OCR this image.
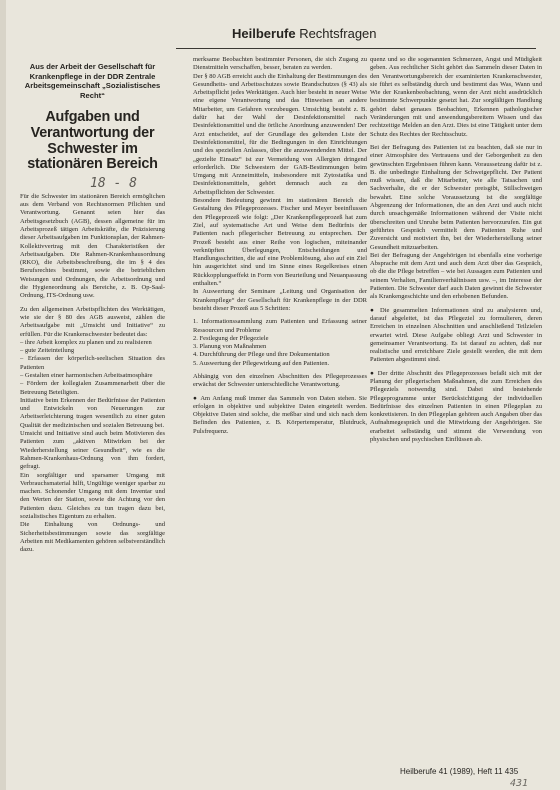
Heilberufe Rechtsfragen
Aus der Arbeit der Gesellschaft für Krankenpflege in der DDR Zentrale Arbeitsgemeinschaft „Sozialistisches Recht“
Aufgaben und Verantwortung der Schwester im stationären Bereich
18 - 8

Für die Schwester im stationären Bereich ermöglichen aus dem Verband von Rechtsnormen Pflichten und Verantwortung. Genannt seien hier das Arbeitsgesetzbuch (AGB), dessen allgemeine für im Arbeitsprozeß tätigen Arbeitskräfte, die Präzisierung dieser Arbeitsaufgaben im Funktionsplan, der Rahmen-Kollektivvertrag mit den Charakteristiken der Arbeitsaufgaben. Die Rahmen-Krankenhausordnung (RKO), die Arbeitsbeschreibung, die im § 4 des Berufsrechtes bestimmt, sowie die betrieblichen Weisungen und Ordnungen, die Arbeitsordnung und die Hygieneordnung als Bereiche, z. B. Op-Saal-Ordnung, ITS-Ordnung usw.

Zu den allgemeinen Arbeitspflichten des Werktätigen, wie sie der § 80 des AGB ausweist, zählen die Arbeitsaufgabe mit „Umsicht und Initiative“ zu erfüllen. Für die Krankenschwester bedeutet das:

– ihre Arbeit komplex zu planen und zu realisieren

– gute Zeiteinteilung

– Erfassen der körperlich-seelischen Situation des Patienten

– Gestalten einer harmonischen Arbeitsatmosphäre

– Fördern der kollegialen Zusammenarbeit über die Betreuung Beteiligten.

Initiative beim Erkennen der Bedürfnisse der Patienten und Entwickeln von Neuerungen zur Arbeitserleichterung tragen wesentlich zu einer guten Qualität der medizinischen und sozialen Betreuung bei.

Umsicht und Initiative sind auch beim Motivieren des Patienten zum „aktiven Mitwirken bei der Wiederherstellung seiner Gesundheit“, wie es die Rahmen-Krankenhaus-Ordnung von ihm fordert, gefragt.

Ein sorgfältiger und sparsamer Umgang mit Verbrauchsmaterial hilft, Ungültige weniger sparbar zu machen. Schonender Umgang mit dem Inventar und den Werten der Station, sowie die Achtung vor den Patienten dazu. Gleiches zu tun tragen dazu bei, sozialistisches Eigentum zu erhalten.

Die Einhaltung von Ordnungs- und Sicherheitsbestimmungen sowie das sorgfältige Arbeiten mit Medikamenten gehören selbstverständlich dazu.

merksame Beobachten bestimmter Personen, die sich Zugang zu Dienstmitteln verschaffen, besser, beraten zu werden.

Der § 80 AGB erreicht auch die Einhaltung der Bestimmungen des Gesundheits- und Arbeitsschutzes sowie Brandschutzes (§ 43) als Arbeitspflicht jedes Werktätigen. Auch hier besteht in neuer Weise eine eigene Verantwortung und das Hinweisen an andere Mitarbeiter, um Gefahren vorzubeugen. Umsichtig besteht z. B. dafür hat der Wahl der Desinfektionsmittel nach Desinfektionsmittel und die örtliche Anordnung anzuwenden! Der Arzt entscheidet, auf der Grundlage des geltenden Liste der Desinfektionsmittel, für die Bedingungen in den Einrichtungen und des speziellen Anlasses, über die anzuwendenden Mittel. Der „gezielte Einsatz“ ist zur Vermeidung von Allergien dringend erforderlich. Die Schwestern der GAB-Bestimmungen beim Umgang mit Arzneimitteln, insbesondere mit Zytostatika und Desinfektionsmitteln, gehört demnach auch zu den Arbeitspflichten der Schwester.

Besondere Bedeutung gewinnt im stationären Bereich die Gestaltung des Pflegeprozesses. Fischer und Meyer beeinflussen den Pflegeprozeß wie folgt: „Der Krankenpflegeprozeß hat zum Ziel, auf systematische Art und Weise dem Bedürfnis der Patienten nach pflegerischer Betreuung zu entsprechen. Der Prozeß besteht aus einer Reihe von logischen, miteinander verknüpften Überlegungen, Entscheidungen und Handlungsschritten, die auf eine Problemlösung, also auf ein Ziel hin ausgerichtet sind und im Sinne eines Regelkreises einen Rückkopplungseffekt in Form von Beurteilung und Neuanpassung enthalten.“

In Auswertung der Seminare „Leitung und Organisation der Krankenpflege“ der Gesellschaft für Krankenpflege in der DDR besteht dieser Prozeß aus 5 Schritten:

1. Informationssammlung zum Patienten und Erfassung seiner Ressourcen und Probleme

2. Festlegung der Pflegeziele

3. Planung von Maßnahmen

4. Durchführung der Pflege und ihre Dokumentation

5. Auswertung der Pflegewirkung auf den Patienten.

Abhängig von den einzelnen Abschnitten des Pflegeprozesses erwächst der Schwester unterschiedliche Verantwortung.

● Am Anfang muß immer das Sammeln von Daten stehen. Sie erfolgen in objektive und subjektive Daten eingeteilt werden. Objektive Daten sind solche, die meßbar sind und sich nach dem Befinden des Patienten, z. B. Körpertemperatur, Blutdruck, Pulsfrequenz.

quenz und so die sogenannten Schmerzen, Angst und Müdigkeit geben. Aus rechtlicher Sicht gehört das Sammeln dieser Daten in den Verantwortungsbereich der examinierten Krankenschwester, sie führt es selbständig durch und bestimmt das Was, Wann und Wie der Krankenbeobachtung, wenn der Arzt nicht ausdrücklich bestimmte Schwerpunkte gesetzt hat. Zur sorgfältigen Handlung gehört dabei genaues Beobachten, Erkennen pathologischer Veränderungen mit und anwendungsbereitem Wissen und das rechtzeitige Melden an den Arzt. Dies ist eine Tätigkeit unter dem Schutz des Rechtes der Rechtsschutz.

Bei der Befragung des Patienten ist zu beachten, daß sie nur in einer Atmosphäre des Vertrauens und der Geborgenheit zu den gewünschten Ergebnissen führen kann. Voraussetzung dafür ist z. B. die unbedingte Einhaltung der Schweigepflicht. Der Patient muß wissen, daß die Mitarbeiter, wie alle Tatsachen und Sachverhalte, die er der Schwester preisgibt, Stillschweigen bewahrt. Eine solche Voraussetzung ist die sorgfältige Abgrenzung der Informationen, die an den Arzt und auch nicht durch unsachgemäße Informationen während der Visite nicht überschreiten und Unruhe beim Patienten hervorzurufen. Ein gut geführtes Gespräch vermittelt dem Patienten Ruhe und Zuversicht und motiviert ihn, bei der Wiederherstellung seiner Gesundheit mitzuarbeiten.

Bei der Befragung der Angehörigen ist ebenfalls eine vorherige Absprache mit dem Arzt und auch dem Arzt über das Gespräch, ob die die Pflege betreffen – wie bei Aussagen zum Patienten und seinem Verhalten, Familienverhältnissen usw. –, im Interesse der Patienten. Die Schwester darf auch Daten gewinnt die Schwester als Krankengeschichte und den erhobenen Befunden.

● Die gesammelten Informationen sind zu analysieren und, darauf abgeleitet, ist das Pflegeziel zu formulieren, deren Erreichen in einzelnen Abschnitten und anschließend Teilzielen erwartet wird. Diese Aufgabe obliegt Arzt und Schwester in gemeinsamer Verantwortung. Es ist darauf zu achten, daß nur realistische und erreichbare Ziele gestellt werden, die mit dem Patienten abgestimmt sind.

● Der dritte Abschnitt des Pflegeprozesses befaßt sich mit der Planung der pflegerischen Maßnahmen, die zum Erreichen des Pflegeziels notwendig sind. Dabei sind bestehende Pflegeprogramme unter Berücksichtigung der individuellen Bedürfnisse des einzelnen Patienten in einen Pflegeplan zu konkretisieren. In den Pflegeplan gehören auch Angaben über das Aufnahmegespräch und die Mitwirkung der Angehörigen. Sie erarbeitet selbständig und stimmt die Verwendung von physischen und psychischen Einflüssen ab.

Heilberufe 41 (1989), Heft 11 435
431
